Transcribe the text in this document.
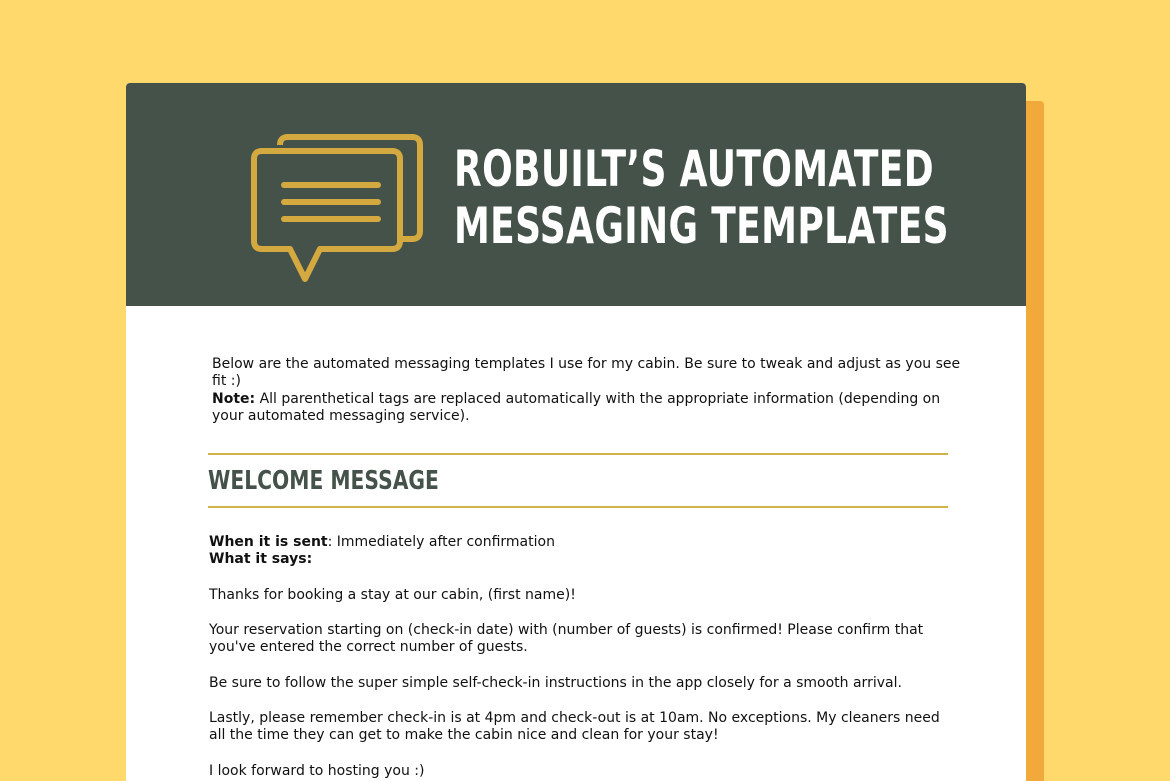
ROBUILT’S AUTOMATED
MESSAGING TEMPLATES
Below are the automated messaging templates I use for my cabin. Be sure to tweak and adjust as you see fit :)
Note: All parenthetical tags are replaced automatically with the appropriate information (depending on your automated messaging service).
WELCOME MESSAGE
When it is sent: Immediately after confirmation
What it says:
Thanks for booking a stay at our cabin, (first name)!
Your reservation starting on (check-in date) with (number of guests) is confirmed! Please confirm that you've entered the correct number of guests.
Be sure to follow the super simple self-check-in instructions in the app closely for a smooth arrival.
Lastly, please remember check-in is at 4pm and check-out is at 10am. No exceptions. My cleaners need all the time they can get to make the cabin nice and clean for your stay!
I look forward to hosting you :)
